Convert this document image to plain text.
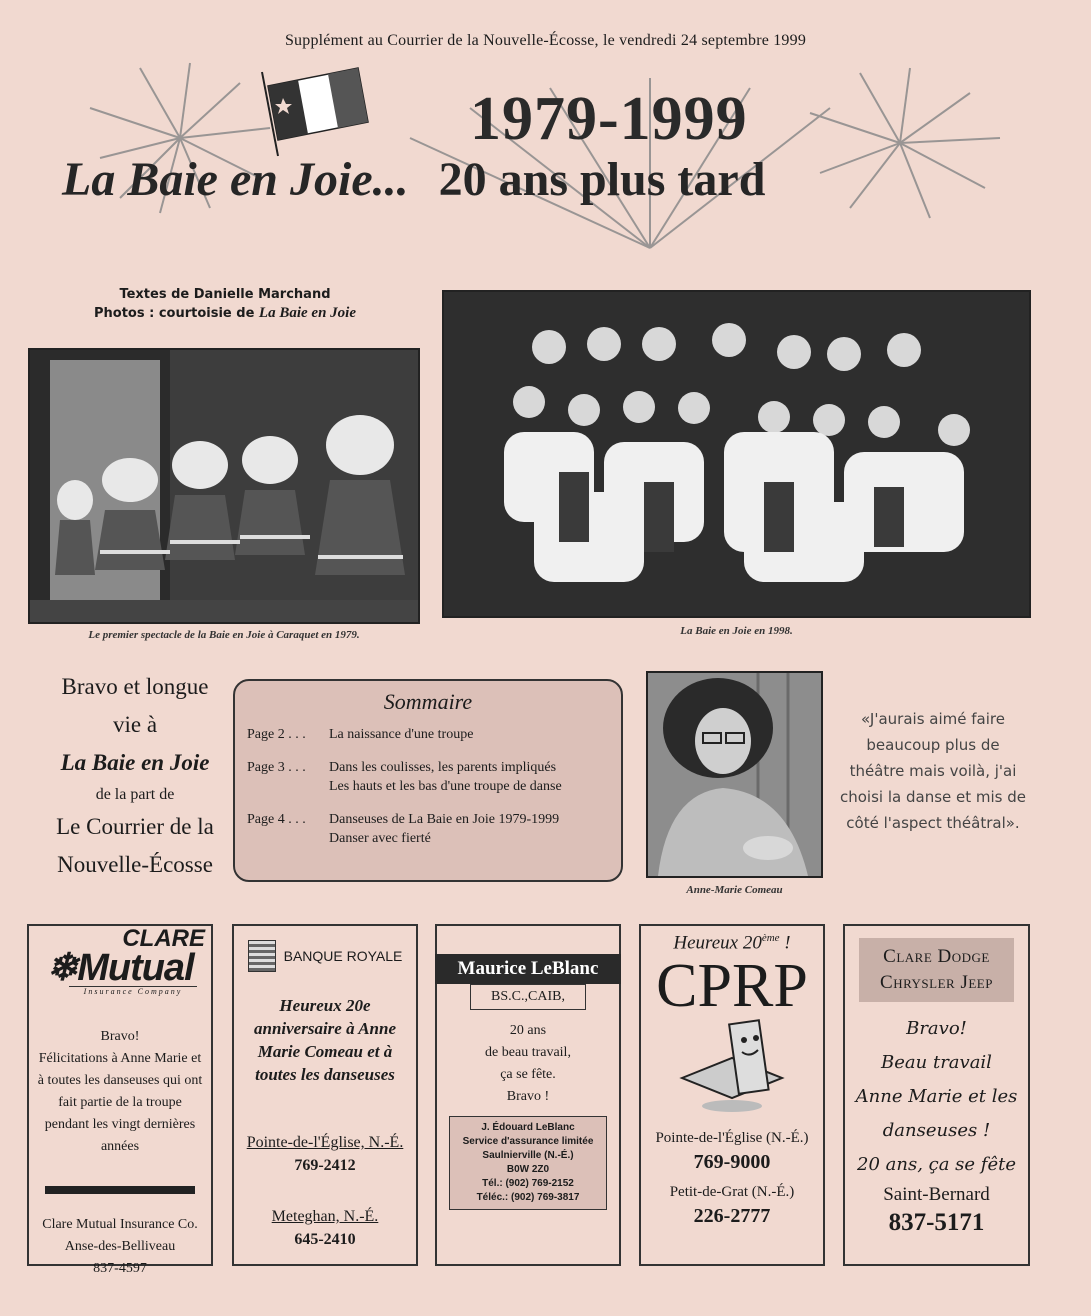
Supplément au Courrier de la Nouvelle-Écosse, le vendredi 24 septembre 1999
1979-1999
La Baie en Joie... 20 ans plus tard
Textes de Danielle Marchand
Photos : courtoisie de La Baie en Joie
Le premier spectacle de la Baie en Joie à Caraquet en 1979.	La Baie en Joie en 1998.
Bravo et longue
vie à
La Baie en Joie
de la part de
Le Courrier de la
Nouvelle-Écosse
Sommaire
Page 2 . . .	La naissance d'une troupe
Page 3 . . .	Dans les coulisses, les parents impliqués
Les hauts et les bas d'une troupe de danse
Page 4 . . .	Danseuses de La Baie en Joie 1979-1999
Danser avec fierté
Anne-Marie Comeau
«J'aurais aimé faire beaucoup plus de théâtre mais voilà, j'ai choisi la danse et mis de côté l'aspect théâtral».
CLARE
❄Mutual
Insurance Company

Bravo!

Félicitations à Anne Marie et à toutes les danseuses qui ont fait partie de la troupe pendant les vingt dernières années

Clare Mutual Insurance Co.

Anse-des-Belliveau

837-4597

BANQUE ROYALE
Heureux 20e anniversaire à Anne Marie Comeau et à toutes les danseuses
Pointe-de-l'Église, N.-É.
769-2412
Meteghan, N.-É.
645-2410
Maurice LeBlanc
BS.C.,CAIB,

20 ans

de beau travail,

ça se fête.

Bravo !

J. Édouard LeBlanc
Service d'assurance limitée
Saulnierville (N.-É.)
B0W 2Z0
Tél.: (902) 769-2152
Téléc.: (902) 769-3817
Heureux 20ème !
CPRP
Pointe-de-l'Église (N.-É.)
769-9000
Petit-de-Grat (N.-É.)
226-2777
Clare Dodge
Chrysler Jeep
Bravo!
Beau travail
Anne Marie et les
danseuses !
20 ans, ça se fête
Saint-Bernard
837-5171
